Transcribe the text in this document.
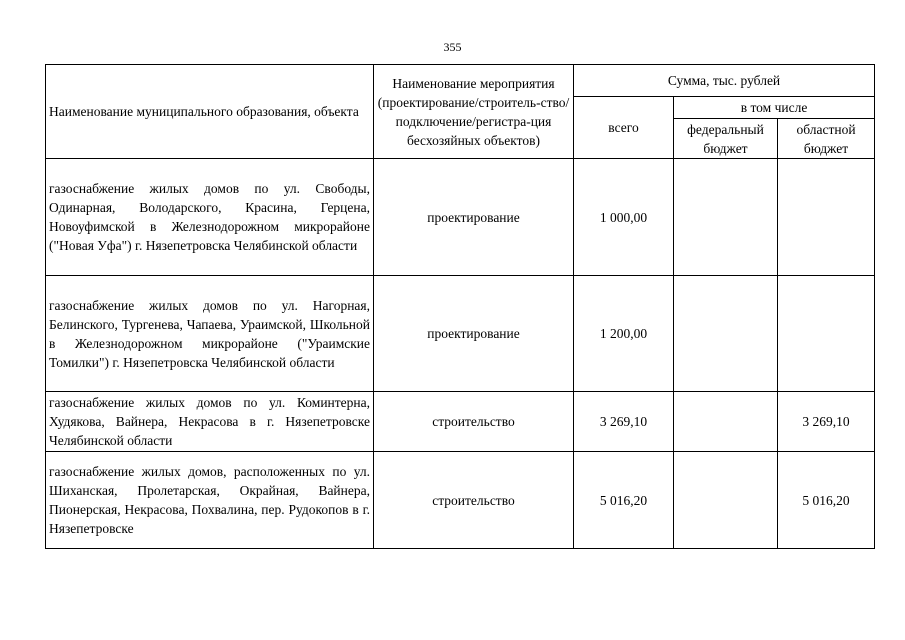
355
Наименование муниципального образования, объекта	Наименование мероприятия (проектирование/строитель-ство/подключение/регистра-ция бесхозяйных объектов)	Сумма, тыс. рублей		
		всего	в том числе	
			федеральный бюджет	областной бюджет
газоснабжение жилых домов по ул. Свободы, Одинарная, Володарского, Красина, Герцена, Новоуфимской в Железнодорожном микрорайоне ("Новая Уфа") г. Нязепетровска Челябинской области	проектирование	1 000,00		
газоснабжение жилых домов по ул. Нагорная, Белинского, Тургенева, Чапаева, Ураимской, Школьной в Железнодорожном микрорайоне ("Ураимские Томилки") г. Нязепетровска Челябинской области	проектирование	1 200,00		
газоснабжение жилых домов по ул. Коминтерна, Худякова, Вайнера, Некрасова в г. Нязепетровске Челябинской области	строительство	3 269,10		3 269,10
газоснабжение жилых домов, расположенных по ул. Шиханская, Пролетарская, Окрайная, Вайнера, Пионерская, Некрасова, Похвалина, пер. Рудокопов в г. Нязепетровске	строительство	5 016,20		5 016,20
